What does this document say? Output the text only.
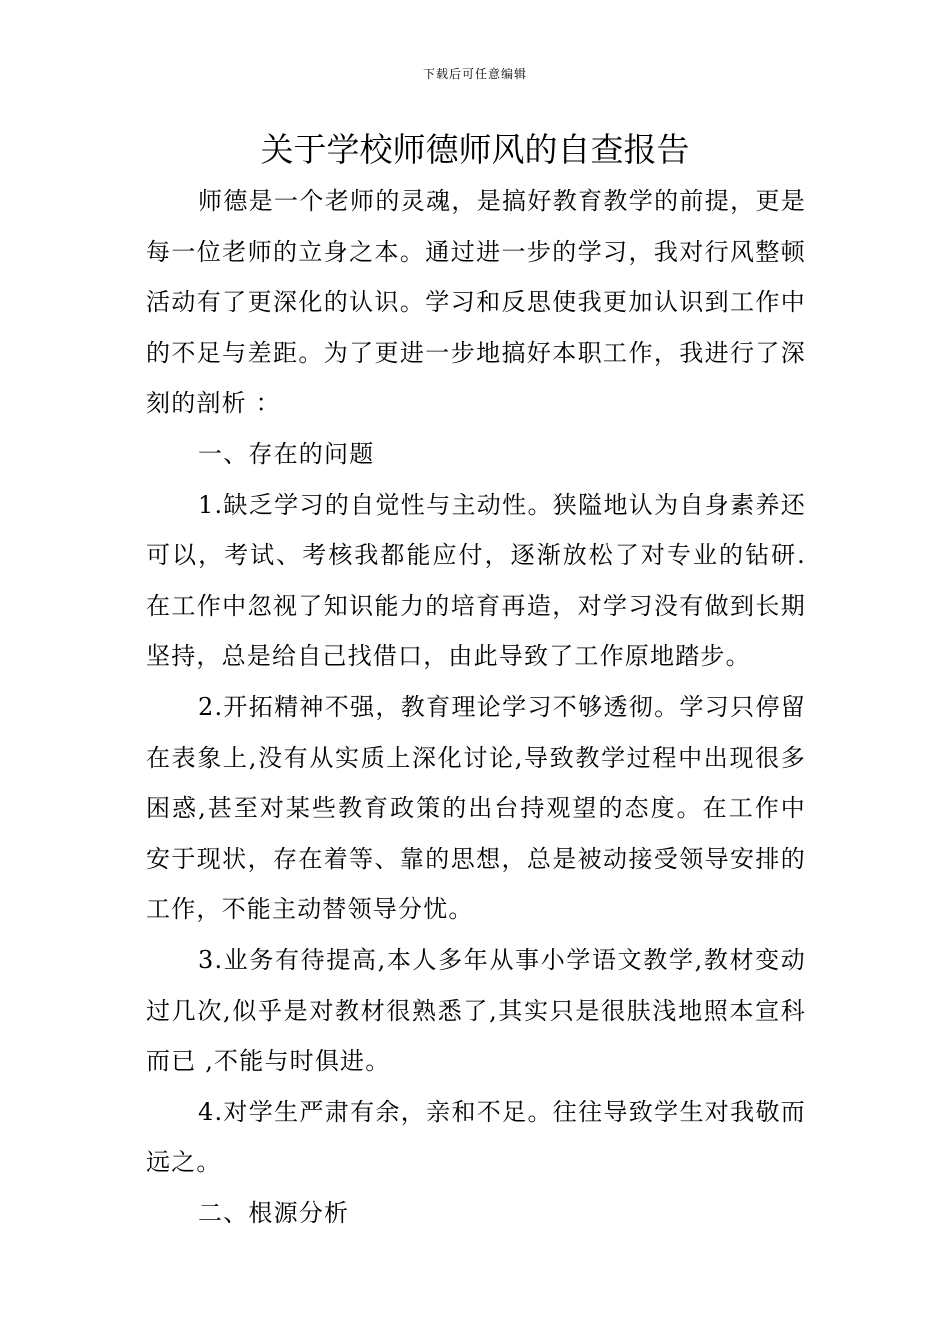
下载后可任意编辑
关于学校师德师风的自查报告

师德是一个老师的灵魂，是搞好教育教学的前提，更是每一位老师的立身之本。通过进一步的学习，我对行风整顿活动有了更深化的认识。学习和反思使我更加认识到工作中的不足与差距。为了更进一步地搞好本职工作，我进行了深刻的剖析 ：

一、存在的问题

1.缺乏学习的自觉性与主动性。狭隘地认为自身素养还可以，考试、考核我都能应付，逐渐放松了对专业的钻研.在工作中忽视了知识能力的培育再造，对学习没有做到长期坚持，总是给自己找借口，由此导致了工作原地踏步。

2.开拓精神不强，教育理论学习不够透彻。学习只停留在表象上,没有从实质上深化讨论,导致教学过程中出现很多困惑,甚至对某些教育政策的出台持观望的态度。在工作中安于现状，存在着等、靠的思想，总是被动接受领导安排的工作，不能主动替领导分忧。

3.业务有待提高,本人多年从事小学语文教学,教材变动过几次,似乎是对教材很熟悉了,其实只是很肤浅地照本宣科而已 ,不能与时俱进。

4.对学生严肃有余，亲和不足。往往导致学生对我敬而远之。

二、根源分析
